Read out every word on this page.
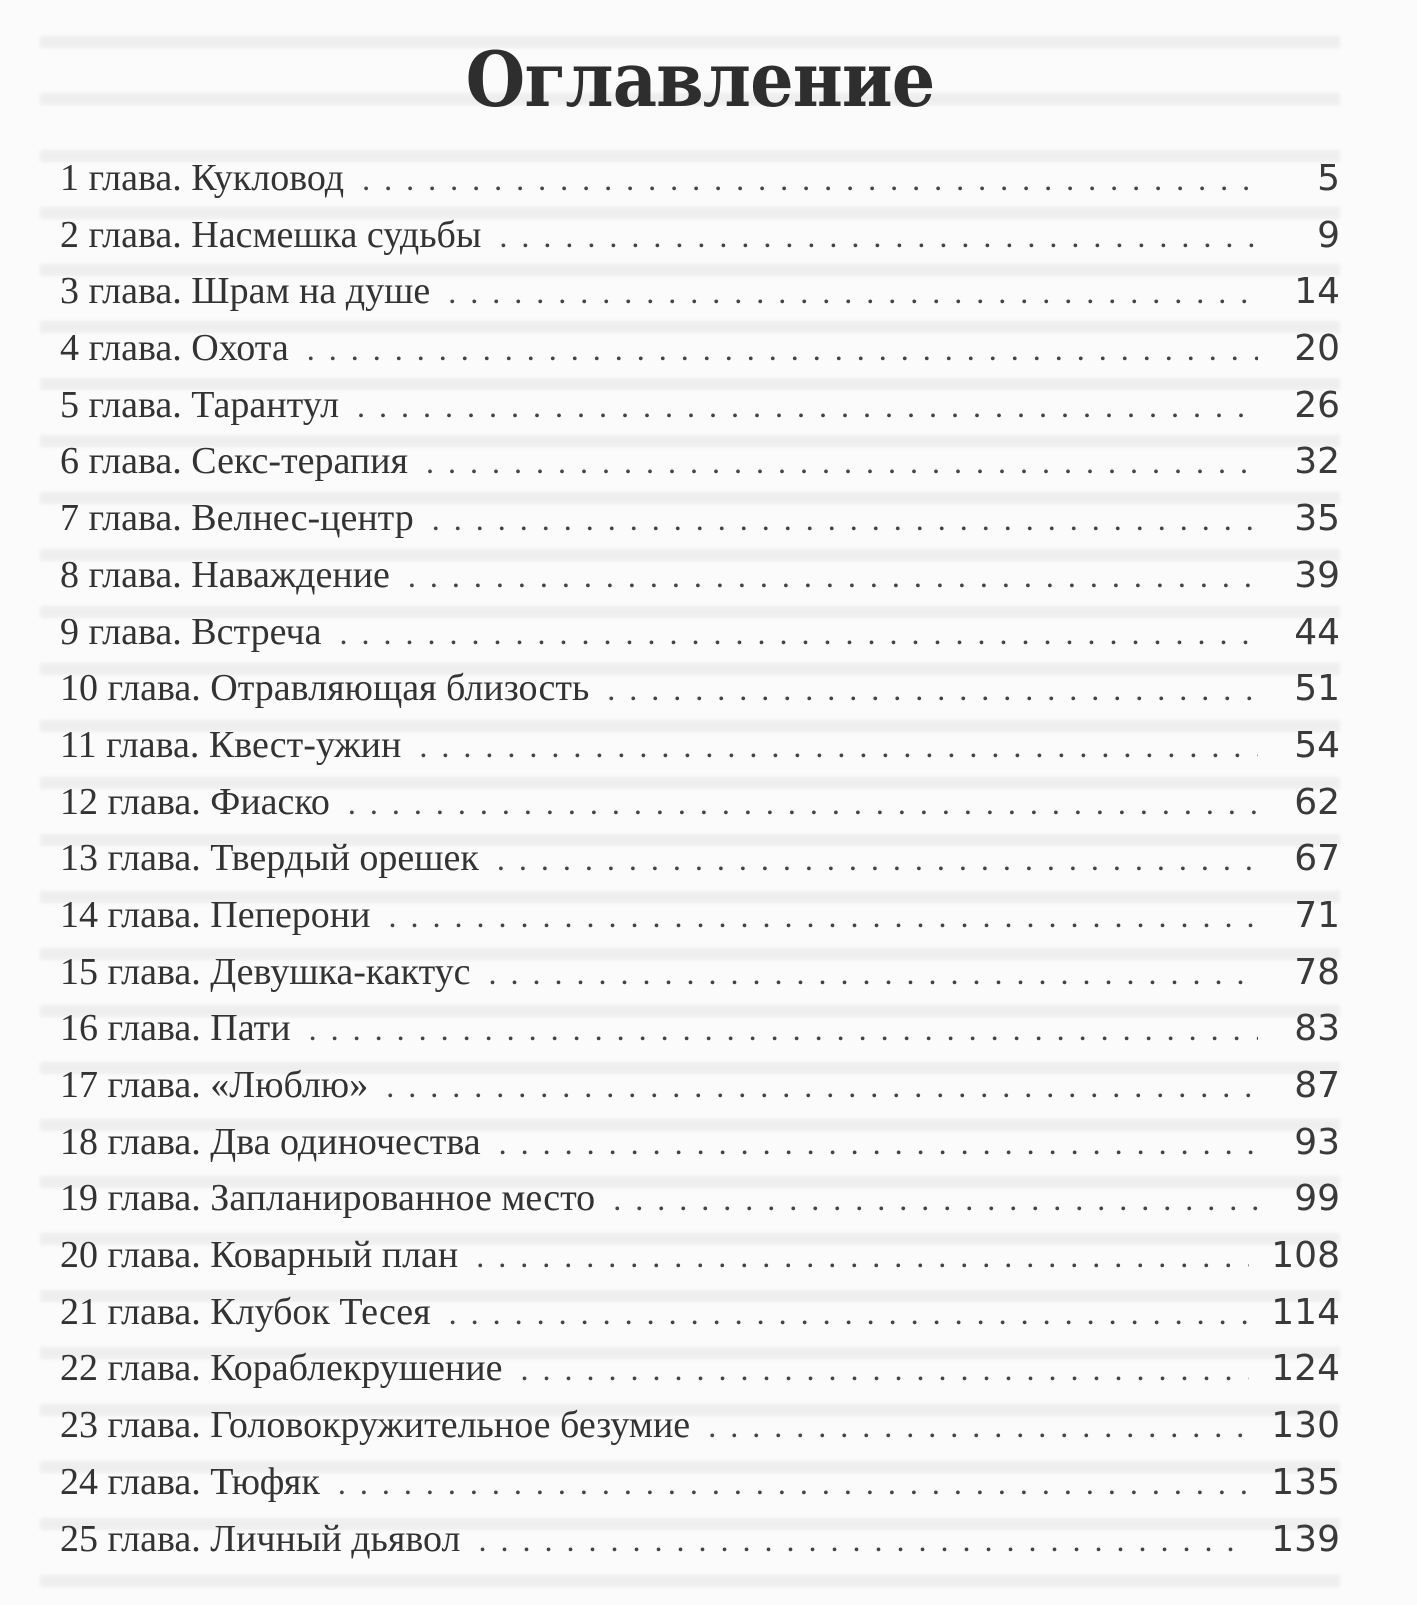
Оглавление
1 глава. Кукловод . . .	5
2 глава. Насмешка судьбы . . .	9
3 глава. Шрам на душе . . .	14
4 глава. Охота . . .	20
5 глава. Тарантул . . .	26
6 глава. Секс-терапия . . .	32
7 глава. Велнес-центр . . .	35
8 глава. Наваждение . . .	39
9 глава. Встреча . . .	44
10 глава. Отравляющая близость . . .	51
11 глава. Квест-ужин . . .	54
12 глава. Фиаско . . .	62
13 глава. Твердый орешек . . .	67
14 глава. Пеперони . . .	71
15 глава. Девушка-кактус . . .	78
16 глава. Пати . . .	83
17 глава. «Люблю» . . .	87
18 глава. Два одиночества . . .	93
19 глава. Запланированное место . . .	99
20 глава. Коварный план . . .	108
21 глава. Клубок Тесея . . .	114
22 глава. Кораблекрушение . . .	124
23 глава. Головокружительное безумие . . .	130
24 глава. Тюфяк . . .	135
25 глава. Личный дьявол . . .	139
